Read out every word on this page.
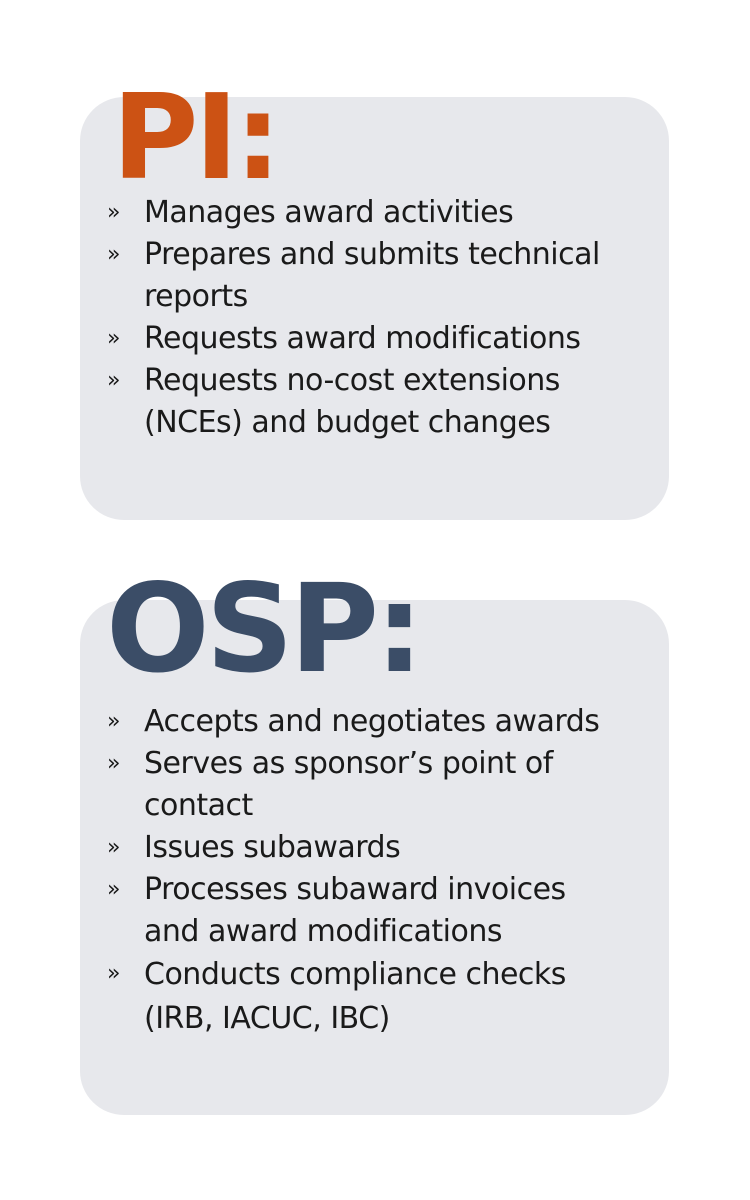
PI:
» Manages award activities
» Prepares and submits technical
reports
» Requests award modifications
» Requests no-cost extensions
(NCEs) and budget changes
OSP:
» Accepts and negotiates awards
» Serves as sponsor’s point of
contact
» Issues subawards
» Processes subaward invoices
and award modifications
» Conducts compliance checks
(IRB, IACUC, IBC)
